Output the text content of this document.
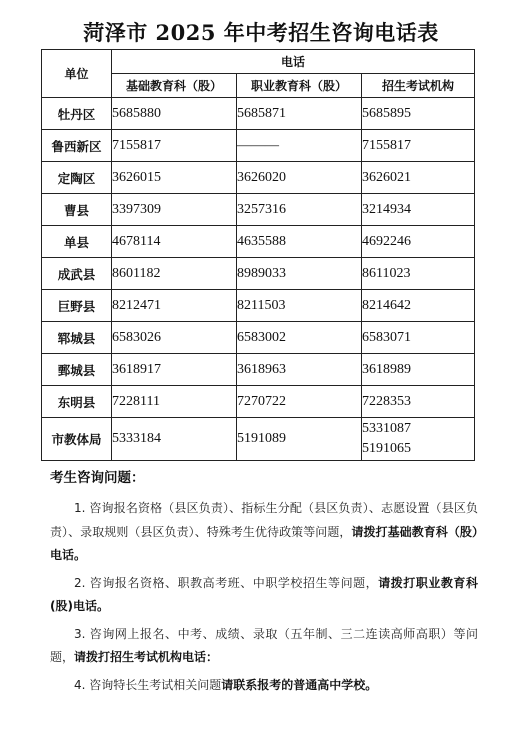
菏泽市 2025 年中考招生咨询电话表
单位	电话		
	基础教育科（股）	职业教育科（股）	招生考试机构
牡丹区	5685880	5685871	5685895
鲁西新区	7155817	———	7155817
定陶区	3626015	3626020	3626021
曹县	3397309	3257316	3214934
单县	4678114	4635588	4692246
成武县	8601182	8989033	8611023
巨野县	8212471	8211503	8214642
郓城县	6583026	6583002	6583071
鄄城县	3618917	3618963	3618989
东明县	7228111	7270722	7228353
市教体局	5333184	5191089	5331087
5191065
考生咨询问题：

1. 咨询报名资格（县区负责）、指标生分配（县区负责）、志愿设置（县区负责）、录取规则（县区负责）、特殊考生优待政策等问题，请拨打基础教育科（股）电话。

2. 咨询报名资格、职教高考班、中职学校招生等问题，请拨打职业教育科(股)电话。

3. 咨询网上报名、中考、成绩、录取（五年制、三二连读高师高职）等问题，请拨打招生考试机构电话：

4. 咨询特长生考试相关问题请联系报考的普通高中学校。
